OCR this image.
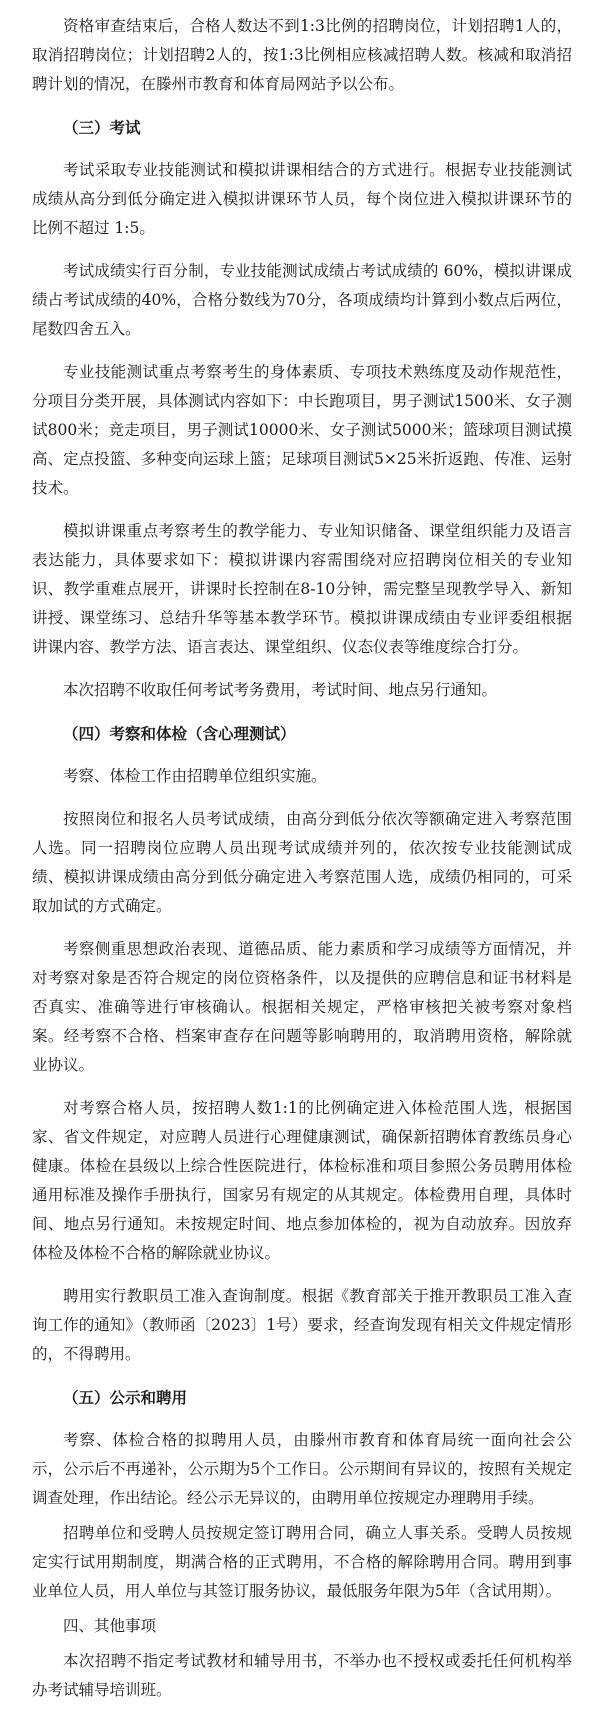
资格审查结束后，合格人数达不到1:3比例的招聘岗位，计划招聘1人的，取消招聘岗位；计划招聘2人的，按1:3比例相应核减招聘人数。核减和取消招聘计划的情况，在滕州市教育和体育局网站予以公布。

（三）考试

考试采取专业技能测试和模拟讲课相结合的方式进行。根据专业技能测试成绩从高分到低分确定进入模拟讲课环节人员，每个岗位进入模拟讲课环节的比例不超过 1:5。

考试成绩实行百分制，专业技能测试成绩占考试成绩的 60%，模拟讲课成绩占考试成绩的40%，合格分数线为70分，各项成绩均计算到小数点后两位，尾数四舍五入。

专业技能测试重点考察考生的身体素质、专项技术熟练度及动作规范性，分项目分类开展，具体测试内容如下：中长跑项目，男子测试1500米、女子测试800米；竞走项目，男子测试10000米、女子测试5000米；篮球项目测试摸高、定点投篮、多种变向运球上篮；足球项目测试5×25米折返跑、传准、运射技术。

模拟讲课重点考察考生的教学能力、专业知识储备、课堂组织能力及语言表达能力，具体要求如下：模拟讲课内容需围绕对应招聘岗位相关的专业知识、教学重难点展开，讲课时长控制在8-10分钟，需完整呈现教学导入、新知讲授、课堂练习、总结升华等基本教学环节。模拟讲课成绩由专业评委组根据讲课内容、教学方法、语言表达、课堂组织、仪态仪表等维度综合打分。

本次招聘不收取任何考试考务费用，考试时间、地点另行通知。

（四）考察和体检（含心理测试）

考察、体检工作由招聘单位组织实施。

按照岗位和报名人员考试成绩，由高分到低分依次等额确定进入考察范围人选。同一招聘岗位应聘人员出现考试成绩并列的，依次按专业技能测试成绩、模拟讲课成绩由高分到低分确定进入考察范围人选，成绩仍相同的，可采取加试的方式确定。

考察侧重思想政治表现、道德品质、能力素质和学习成绩等方面情况，并对考察对象是否符合规定的岗位资格条件，以及提供的应聘信息和证书材料是否真实、准确等进行审核确认。根据相关规定，严格审核把关被考察对象档案。经考察不合格、档案审查存在问题等影响聘用的，取消聘用资格，解除就业协议。

对考察合格人员，按招聘人数1:1的比例确定进入体检范围人选，根据国家、省文件规定，对应聘人员进行心理健康测试，确保新招聘体育教练员身心健康。体检在县级以上综合性医院进行，体检标准和项目参照公务员聘用体检通用标准及操作手册执行，国家另有规定的从其规定。体检费用自理，具体时间、地点另行通知。未按规定时间、地点参加体检的，视为自动放弃。因放弃体检及体检不合格的解除就业协议。

聘用实行教职员工准入查询制度。根据《教育部关于推开教职员工准入查询工作的通知》（教师函〔2023〕1号）要求，经查询发现有相关文件规定情形的，不得聘用。

（五）公示和聘用

考察、体检合格的拟聘用人员，由滕州市教育和体育局统一面向社会公示，公示后不再递补，公示期为5个工作日。公示期间有异议的，按照有关规定调查处理，作出结论。经公示无异议的，由聘用单位按规定办理聘用手续。

招聘单位和受聘人员按规定签订聘用合同，确立人事关系。受聘人员按规定实行试用期制度，期满合格的正式聘用，不合格的解除聘用合同。聘用到事业单位人员，用人单位与其签订服务协议，最低服务年限为5年（含试用期）。

四、其他事项

本次招聘不指定考试教材和辅导用书，不举办也不授权或委托任何机构举办考试辅导培训班。
